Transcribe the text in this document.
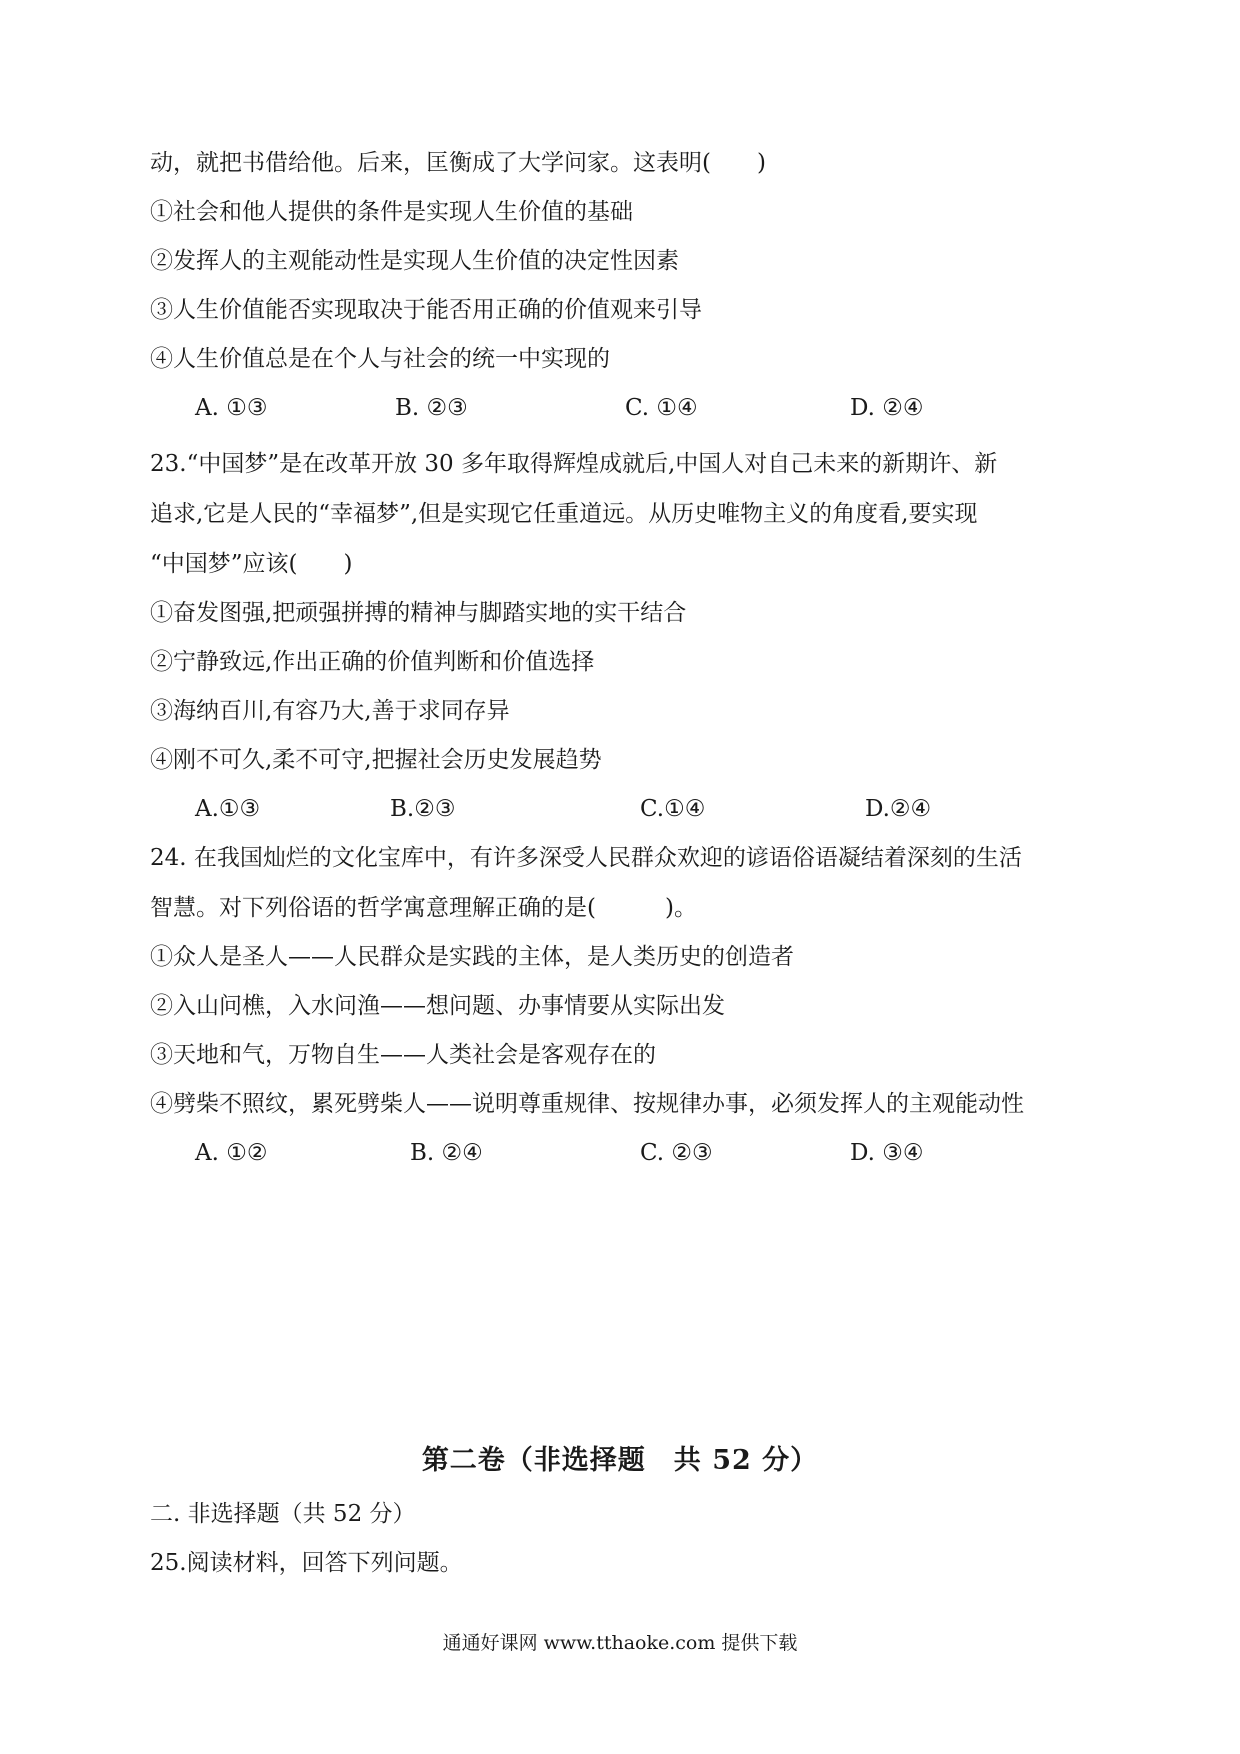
动，就把书借给他。后来，匡衡成了大学问家。这表明(　　)
①社会和他人提供的条件是实现人生价值的基础
②发挥人的主观能动性是实现人生价值的决定性因素
③人生价值能否实现取决于能否用正确的价值观来引导
④人生价值总是在个人与社会的统一中实现的
A. ①③	B. ②③	C. ①④	D. ②④
23.“中国梦”是在改革开放 30 多年取得辉煌成就后,中国人对自己未来的新期许、新
追求,它是人民的“幸福梦”,但是实现它任重道远。从历史唯物主义的角度看,要实现
“中国梦”应该(　　)
①奋发图强,把顽强拼搏的精神与脚踏实地的实干结合
②宁静致远,作出正确的价值判断和价值选择
③海纳百川,有容乃大,善于求同存异
④刚不可久,柔不可守,把握社会历史发展趋势
A.①③	B.②③	C.①④	D.②④
24. 在我国灿烂的文化宝库中，有许多深受人民群众欢迎的谚语俗语凝结着深刻的生活
智慧。对下列俗语的哲学寓意理解正确的是(　　　)。
①众人是圣人——人民群众是实践的主体，是人类历史的创造者
②入山问樵，入水问渔——想问题、办事情要从实际出发
③天地和气，万物自生——人类社会是客观存在的
④劈柴不照纹，累死劈柴人——说明尊重规律、按规律办事，必须发挥人的主观能动性
A. ①②	B. ②④	C. ②③	D. ③④
第二卷（非选择题　共 52 分）
二. 非选择题（共 52 分）
25.阅读材料，回答下列问题。
通通好课网 www.tthaoke.com 提供下载
